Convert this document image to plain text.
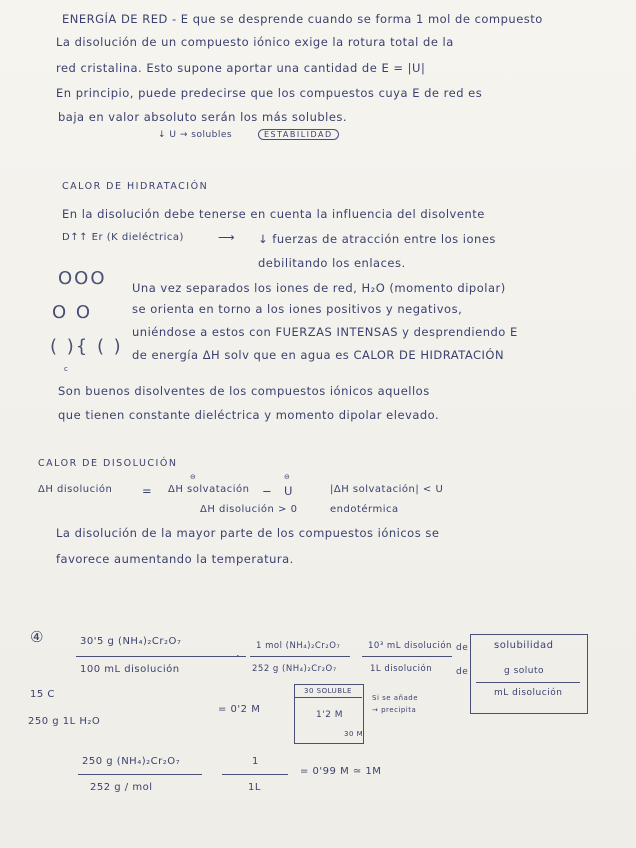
ENERGÍA DE RED - E que se desprende cuando se forma 1 mol de compuesto
La disolución de un compuesto iónico exige la rotura total de la
red cristalina. Esto supone aportar una cantidad de E = |U|
En principio, puede predecirse que los compuestos cuya E de red es
baja en valor absoluto serán los más solubles.
↓ U → solubles	ESTABILIDAD
CALOR DE HIDRATACIÓN
En la disolución debe tenerse en cuenta la influencia del disolvente
D↑↑ Er (K dieléctrica)	⟶ ↓ fuerzas de atracción entre los iones
debilitando los enlaces.
OOO
O O
( ){ ( )
c
Una vez separados los iones de red, H₂O (momento dipolar)
se orienta en torno a los iones positivos y negativos,
uniéndose a estos con FUERZAS INTENSAS y desprendiendo E
de energía ΔH solv que en agua es CALOR DE HIDRATACIÓN
Son buenos disolventes de los compuestos iónicos aquellos
que tienen constante dieléctrica y momento dipolar elevado.
CALOR DE DISOLUCIÓN
ΔH disolución	=
⊖
ΔH solvatación −
⊖
U	|ΔH solvatación| < U
ΔH disolución > 0	endotérmica
La disolución de la mayor parte de los compuestos iónicos se
favorece aumentando la temperatura.
④	30'5 g (NH₄)₂Cr₂O₇
100 mL disolución
·
1 mol (NH₄)₂Cr₂O₇
252 g (NH₄)₂Cr₂O₇
10³ mL disolución
1L disolución
de
de
solubilidad
g soluto
mL disolución
15 C
250 g 1L H₂O
= 0'2 M
30 SOLUBLE
1'2 M
30 M
Si se añade
→ precipita
250 g (NH₄)₂Cr₂O₇
252 g / mol
1
1L
= 0'99 M ≃ 1M
